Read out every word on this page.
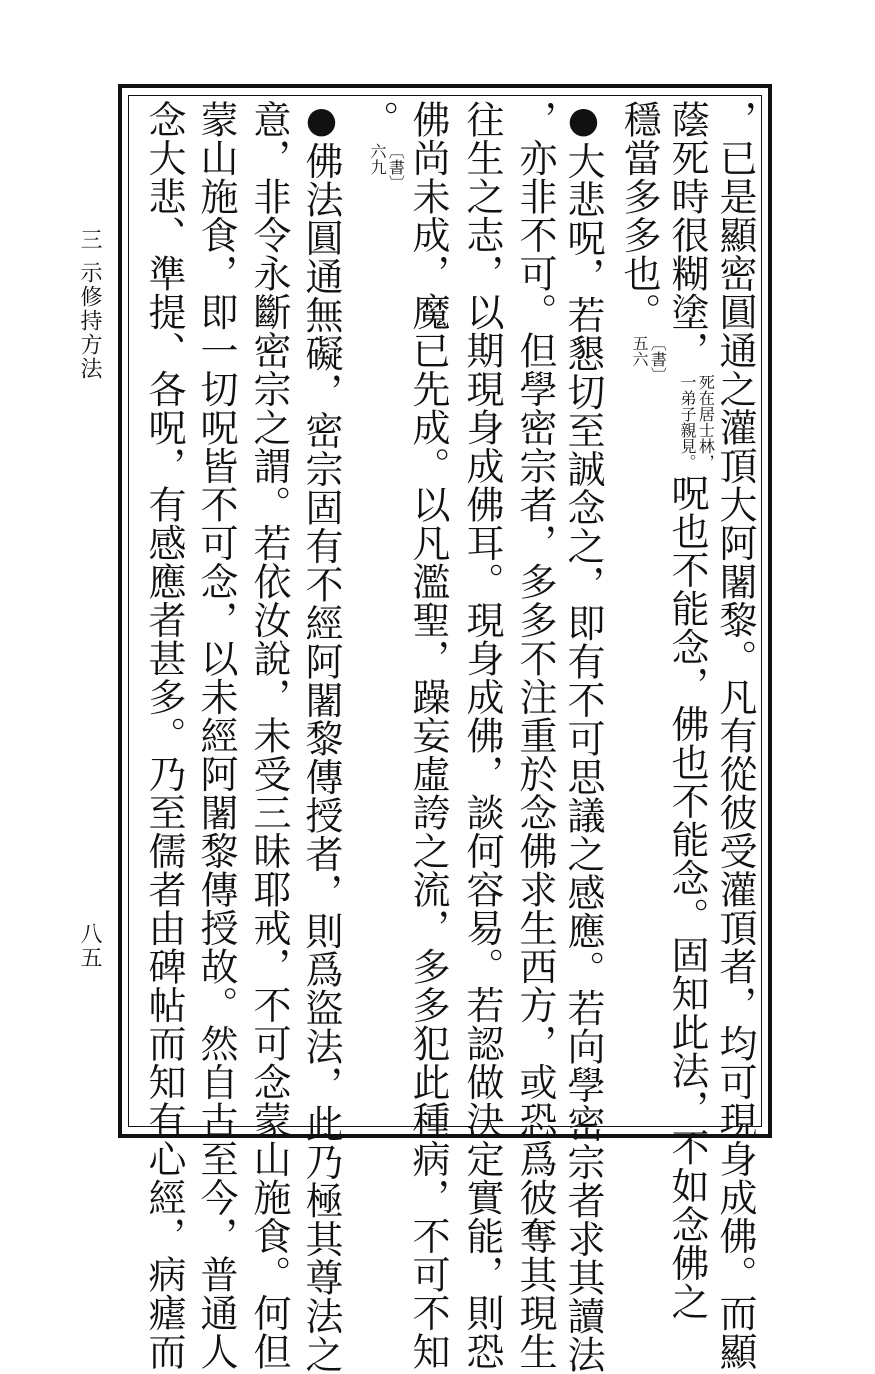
三 示修持方法
八五	，已是顯密圓通之灌頂大阿闍黎。凡有從彼受灌頂者，均可現身成佛。而顯
蔭死時很糊塗，
死在居士林，
一弟子親見。
呪也不能念，佛也不能念。固知此法，不如念佛之
穩當多多也。
〔書〕
五六
●大悲呪，若懇切至誠念之，即有不可思議之感應。若向學密宗者求其讀法
，亦非不可。但學密宗者，多多不注重於念佛求生西方，或恐爲彼奪其現生
往生之志，以期現身成佛耳。現身成佛，談何容易。若認做決定實能，則恐
佛尚未成，魔已先成。以凡濫聖，躁妄虛誇之流，多多犯此種病，不可不知
。
〔書〕
六九
●佛法圓通無礙，密宗固有不經阿闍黎傳授者，則爲盜法，此乃極其尊法之
意，非令永斷密宗之謂。若依汝說，未受三昧耶戒，不可念蒙山施食。何但
蒙山施食，即一切呪皆不可念，以未經阿闍黎傳授故。然自古至今，普通人
念大悲、準提、各呪，有感應者甚多。乃至儒者由碑帖而知有心經，病瘧而
